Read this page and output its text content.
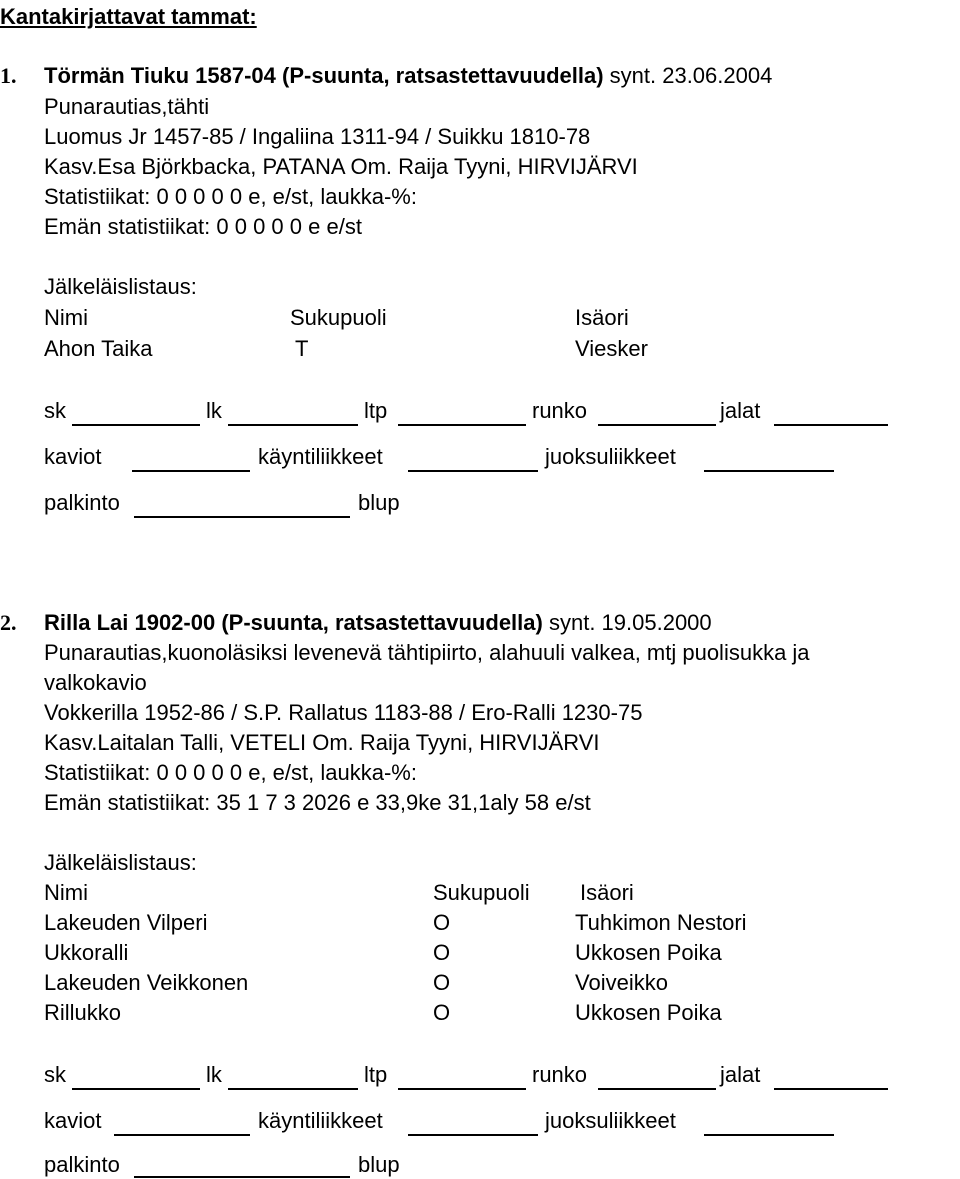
Kantakirjattavat tammat:
1. Törmän Tiuku 1587-04 (P-suunta, ratsastettavuudella) synt. 23.06.2004
Punarautias,tähti
Luomus Jr 1457-85 / Ingaliina 1311-94 / Suikku 1810-78
Kasv.Esa Björkbacka, PATANA Om. Raija Tyyni, HIRVIJÄRVI
Statistiikat: 0 0 0 0 0 e, e/st, laukka-%:
Emän statistiikat: 0 0 0 0 0 e e/st
Jälkeläislistaus:
Nimi	Sukupuoli	Isäori
Ahon Taika	T	Viesker
sk	lk	ltp	runko	jalat
kaviot	käyntiliikkeet	juoksuliikkeet
palkinto	blup
2. Rilla Lai 1902-00 (P-suunta, ratsastettavuudella) synt. 19.05.2000
Punarautias,kuonoläsiksi levenevä tähtipiirto, alahuuli valkea, mtj puolisukka ja
valkokavio
Vokkerilla 1952-86 / S.P. Rallatus 1183-88 / Ero-Ralli 1230-75
Kasv.Laitalan Talli, VETELI Om. Raija Tyyni, HIRVIJÄRVI
Statistiikat: 0 0 0 0 0 e, e/st, laukka-%:
Emän statistiikat: 35 1 7 3 2026 e 33,9ke 31,1aly 58 e/st
Jälkeläislistaus:
Nimi	Sukupuoli Isäori
Lakeuden Vilperi	O	Tuhkimon Nestori
Ukkoralli	O	Ukkosen Poika
Lakeuden Veikkonen	O	Voiveikko
Rillukko	O	Ukkosen Poika
sk	lk	ltp	runko	jalat
kaviot	käyntiliikkeet	juoksuliikkeet
palkinto	blup
